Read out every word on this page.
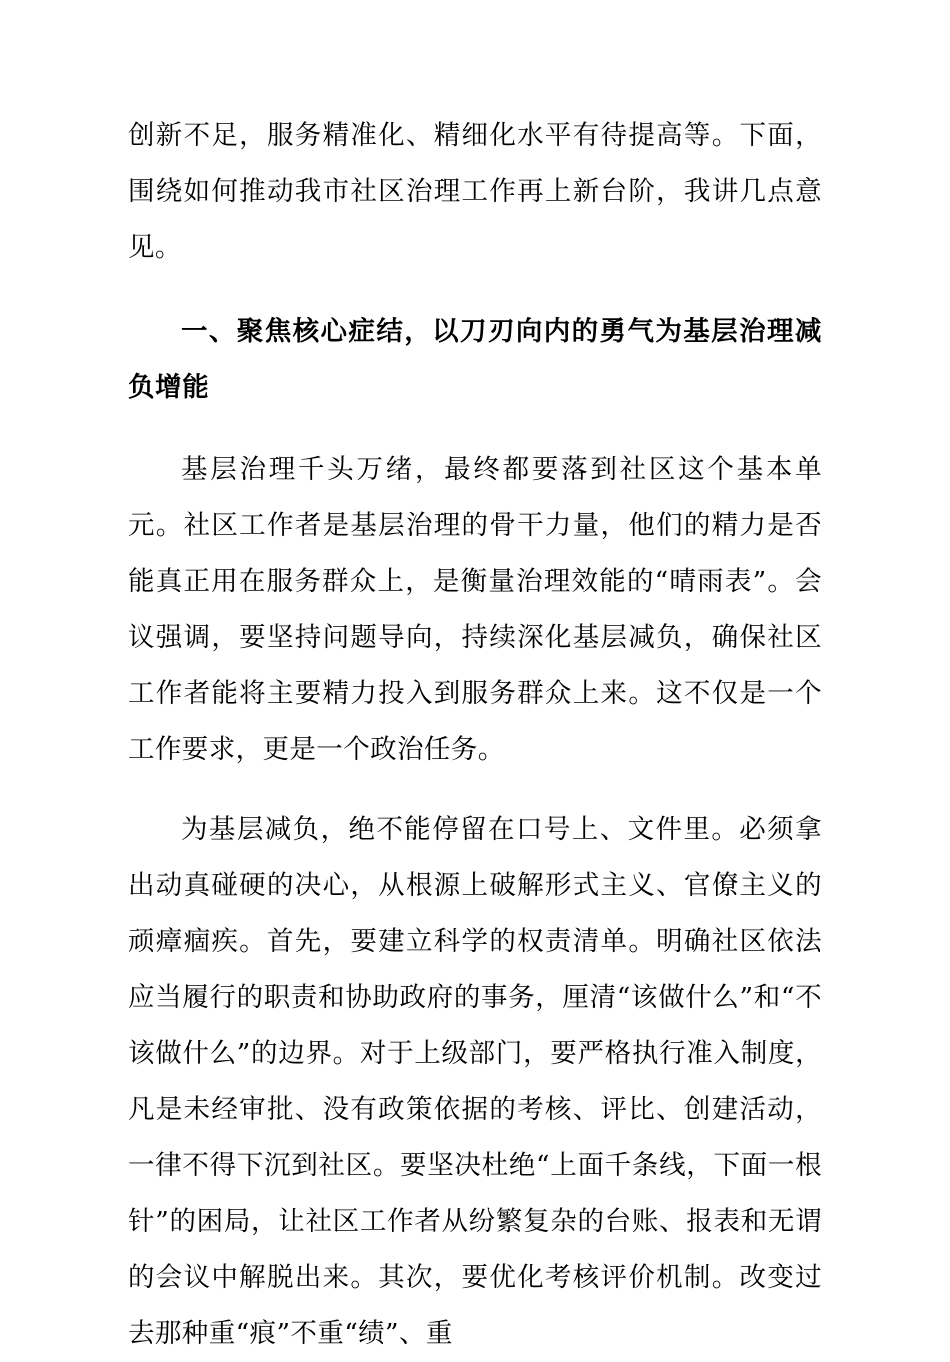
创新不足，服务精准化、精细化水平有待提高等。下面，围绕如何推动我市社区治理工作再上新台阶，我讲几点意见。

一、聚焦核心症结，以刀刃向内的勇气为基层治理减负增能

基层治理千头万绪，最终都要落到社区这个基本单元。社区工作者是基层治理的骨干力量，他们的精力是否能真正用在服务群众上，是衡量治理效能的“晴雨表”。会议强调，要坚持问题导向，持续深化基层减负，确保社区工作者能将主要精力投入到服务群众上来。这不仅是一个工作要求，更是一个政治任务。

为基层减负，绝不能停留在口号上、文件里。必须拿出动真碰硬的决心，从根源上破解形式主义、官僚主义的顽瘴痼疾。首先，要建立科学的权责清单。明确社区依法应当履行的职责和协助政府的事务，厘清“该做什么”和“不该做什么”的边界。对于上级部门，要严格执行准入制度，凡是未经审批、没有政策依据的考核、评比、创建活动，一律不得下沉到社区。要坚决杜绝“上面千条线，下面一根针”的困局，让社区工作者从纷繁复杂的台账、报表和无谓的会议中解脱出来。其次，要优化考核评价机制。改变过去那种重“痕”不重“绩”、重
